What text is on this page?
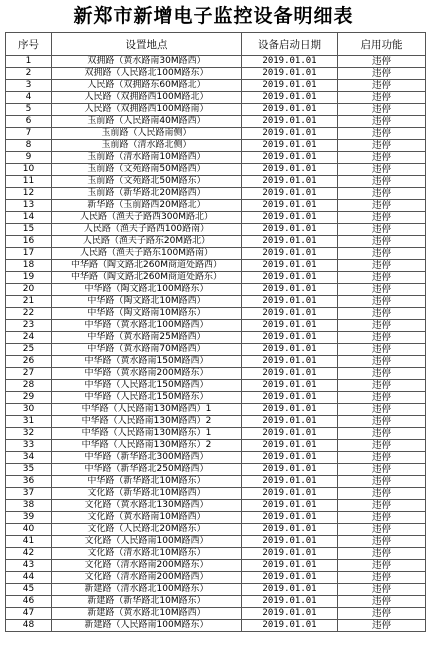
新郑市新增电子监控设备明细表
序号	设置地点	设备启动日期	启用功能
1	双拥路（黄水路南30M路西）	2019.01.01	违停
2	双拥路（人民路北100M路东）	2019.01.01	违停
3	人民路（双拥路东60M路北）	2019.01.01	违停
4	人民路（双拥路西100M路北）	2019.01.01	违停
5	人民路（双拥路西100M路南）	2019.01.01	违停
6	玉前路（人民路南40M路西）	2019.01.01	违停
7	玉前路（人民路南侧）	2019.01.01	违停
8	玉前路（清水路北侧）	2019.01.01	违停
9	玉前路（清水路南10M路西）	2019.01.01	违停
10	玉前路（文苑路南50M路西）	2019.01.01	违停
11	玉前路（文苑路北50M路东）	2019.01.01	违停
12	玉前路（新华路北20M路西）	2019.01.01	违停
13	新华路（玉前路西20M路北）	2019.01.01	违停
14	人民路（渔夫子路西300M路北）	2019.01.01	违停
15	人民路（渔夫子路西100路南）	2019.01.01	违停
16	人民路（渔夫子路东20M路北）	2019.01.01	违停
17	人民路（渔夫子路东100M路南）	2019.01.01	违停
18	中华路（陶文路北260M商道处路西）	2019.01.01	违停
19	中华路（陶文路北260M商道处路东）	2019.01.01	违停
20	中华路（陶文路北100M路东）	2019.01.01	违停
21	中华路（陶文路北10M路西）	2019.01.01	违停
22	中华路（陶文路南10M路东）	2019.01.01	违停
23	中华路（黄水路北100M路西）	2019.01.01	违停
24	中华路（黄水路南25M路西）	2019.01.01	违停
25	中华路（黄水路南70M路西）	2019.01.01	违停
26	中华路（黄水路南150M路西）	2019.01.01	违停
27	中华路（黄水路南200M路东）	2019.01.01	违停
28	中华路（人民路北150M路西）	2019.01.01	违停
29	中华路（人民路北150M路东）	2019.01.01	违停
30	中华路（人民路南130M路西）1	2019.01.01	违停
31	中华路（人民路南130M路西）2	2019.01.01	违停
32	中华路（人民路南130M路东）1	2019.01.01	违停
33	中华路（人民路南130M路东）2	2019.01.01	违停
34	中华路（新华路北300M路西）	2019.01.01	违停
35	中华路（新华路北250M路西）	2019.01.01	违停
36	中华路（新华路北10M路东）	2019.01.01	违停
37	文化路（新华路北10M路西）	2019.01.01	违停
38	文化路（黄水路北130M路西）	2019.01.01	违停
39	文化路（黄水路南10M路西）	2019.01.01	违停
40	文化路（人民路北20M路东）	2019.01.01	违停
41	文化路（人民路南100M路西）	2019.01.01	违停
42	文化路（清水路北10M路东）	2019.01.01	违停
43	文化路（清水路南200M路东）	2019.01.01	违停
44	文化路（清水路南200M路西）	2019.01.01	违停
45	新建路（清水路北100M路东）	2019.01.01	违停
46	新建路（新华路北10M路东）	2019.01.01	违停
47	新建路（黄水路北10M路西）	2019.01.01	违停
48	新建路（人民路南100M路东）	2019.01.01	违停
